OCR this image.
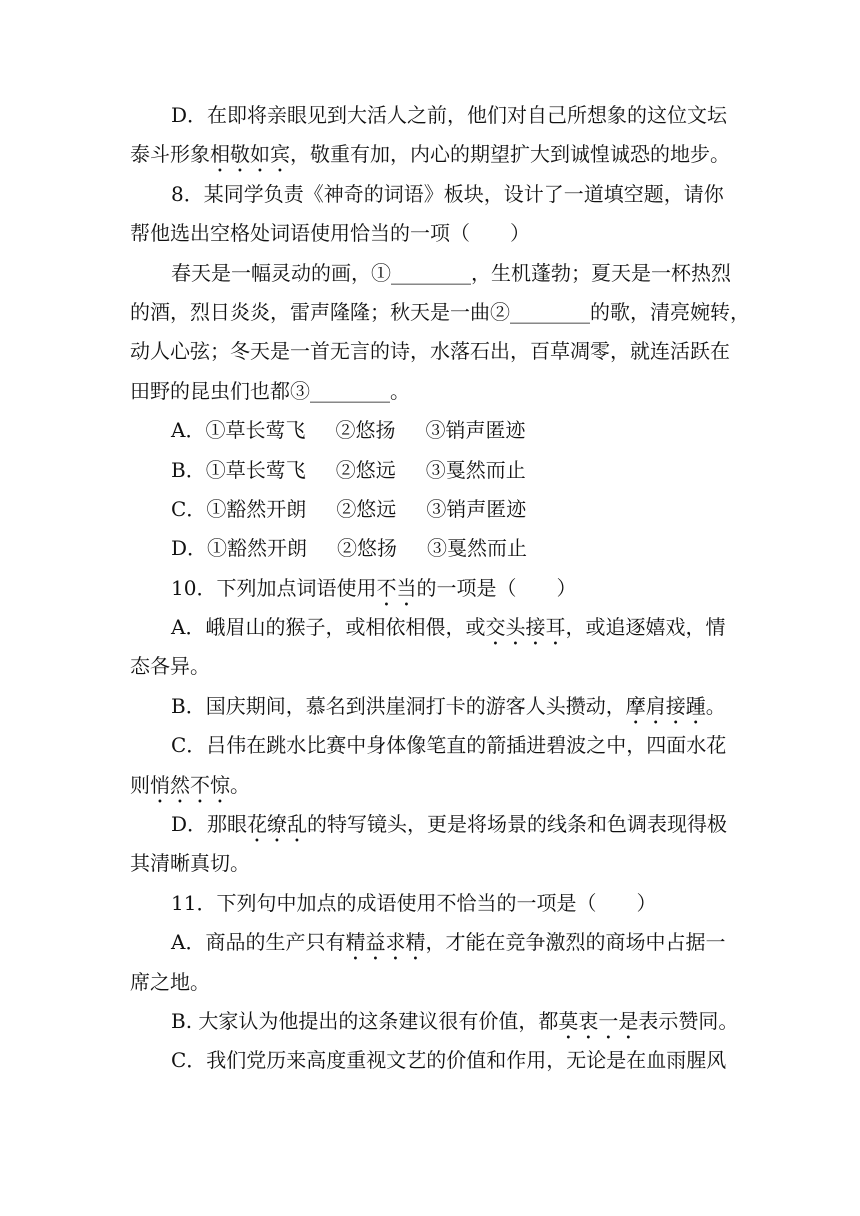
D．在即将亲眼见到大活人之前，他们对自己所想象的这位文坛

泰斗形象相敬如宾，敬重有加，内心的期望扩大到诚惶诚恐的地步。

8．某同学负责《神奇的词语》板块，设计了一道填空题，请你

帮他选出空格处词语使用恰当的一项（　　）

春天是一幅灵动的画，①________，生机蓬勃；夏天是一杯热烈

的酒，烈日炎炎，雷声隆隆；秋天是一曲②________的歌，清亮婉转，

动人心弦；冬天是一首无言的诗，水落石出，百草凋零，就连活跃在

田野的昆虫们也都③________。

A．①草长莺飞 ②悠扬 ③销声匿迹

B．①草长莺飞 ②悠远 ③戛然而止

C．①豁然开朗 ②悠远 ③销声匿迹

D．①豁然开朗 ②悠扬 ③戛然而止

10．下列加点词语使用不当的一项是（　　）

A．峨眉山的猴子，或相依相偎，或交头接耳，或追逐嬉戏，情

态各异。

B．国庆期间，慕名到洪崖洞打卡的游客人头攒动，摩肩接踵。

C．吕伟在跳水比赛中身体像笔直的箭插进碧波之中，四面水花

则悄然不惊。

D．那眼花缭乱的特写镜头，更是将场景的线条和色调表现得极

其清晰真切。

11．下列句中加点的成语使用不恰当的一项是（　　）

A．商品的生产只有精益求精，才能在竞争激烈的商场中占据一

席之地。

B. 大家认为他提出的这条建议很有价值，都莫衷一是表示赞同。

C．我们党历来高度重视文艺的价值和作用，无论是在血雨腥风
